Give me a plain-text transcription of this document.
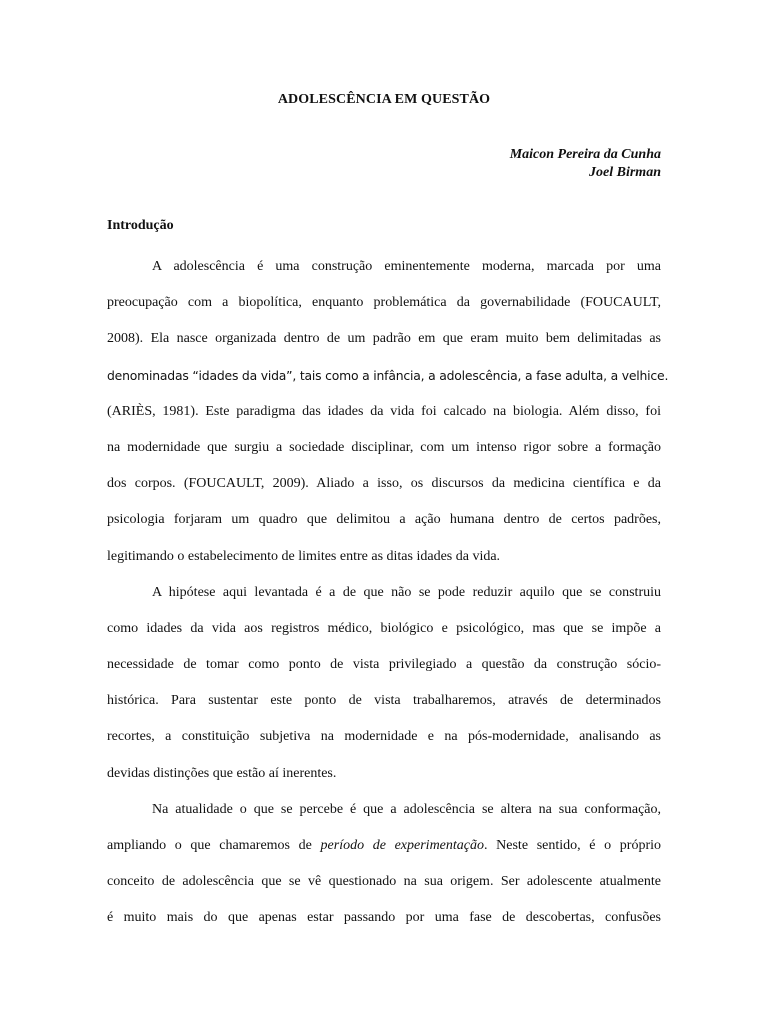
ADOLESCÊNCIA EM QUESTÃO
Maicon Pereira da Cunha
Joel Birman
Introdução
A adolescência é uma construção eminentemente moderna, marcada por uma
preocupação com a biopolítica, enquanto problemática da governabilidade (FOUCAULT,
2008). Ela nasce organizada dentro de um padrão em que eram muito bem delimitadas as
denominadas “idades da vida”, tais como a infância, a adolescência, a fase adulta, a velhice.
(ARIÈS, 1981). Este paradigma das idades da vida foi calcado na biologia. Além disso, foi
na modernidade que surgiu a sociedade disciplinar, com um intenso rigor sobre a formação
dos corpos. (FOUCAULT, 2009). Aliado a isso, os discursos da medicina científica e da
psicologia forjaram um quadro que delimitou a ação humana dentro de certos padrões,
legitimando o estabelecimento de limites entre as ditas idades da vida.
A hipótese aqui levantada é a de que não se pode reduzir aquilo que se construiu
como idades da vida aos registros médico, biológico e psicológico, mas que se impõe a
necessidade de tomar como ponto de vista privilegiado a questão da construção sócio-
histórica. Para sustentar este ponto de vista trabalharemos, através de determinados
recortes, a constituição subjetiva na modernidade e na pós-modernidade, analisando as
devidas distinções que estão aí inerentes.
Na atualidade o que se percebe é que a adolescência se altera na sua conformação,
ampliando o que chamaremos de período de experimentação. Neste sentido, é o próprio
conceito de adolescência que se vê questionado na sua origem. Ser adolescente atualmente
é muito mais do que apenas estar passando por uma fase de descobertas, confusões
